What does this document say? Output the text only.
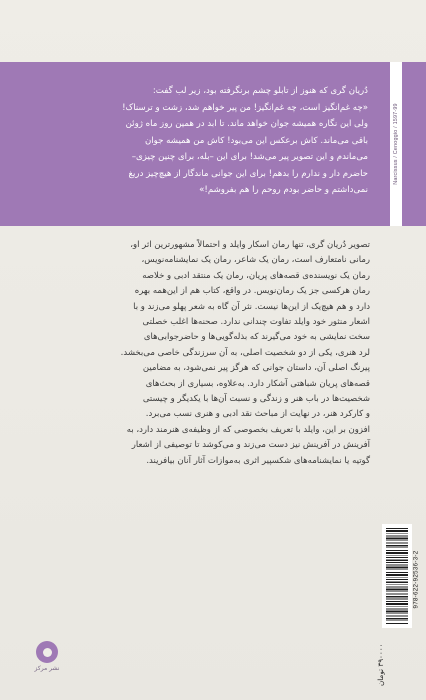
دُریان گری که هنوز از تابلو چشم برنگرفته بود، زیر لب گفت:

«چه غم‌انگیز است، چه غم‌انگیز! من پیر خواهم شد، زشت و ترسناک!

ولی این نگاره همیشه جوان خواهد ماند. تا ابد در همین روز ماه ژوئن

باقی می‌ماند. کاش برعکس این می‌بود! کاش من همیشه جوان

می‌ماندم و این تصویر پیر می‌شد! برای این –بله، برای چنین چیزی–

حاضرم دار و ندارم را بدهم! برای این جوانی ماندگار از هیچ‌چیز دریغ

نمی‌داشتم و حاضر بودم روحم را هم بفروشم!»

Narcissus / Cenoggio / 1597-99

تصویر دُریان گری، تنها رمان اسکار وایلد و احتمالاً مشهورترین اثر او،

رمانی نامتعارف است، رمان یک شاعر، رمان یک نمایشنامه‌نویس،

رمان یک نویسنده‌ی قصه‌های پریان، رمان یک منتقد ادبی و خلاصه

رمان هرکسی جز یک رمان‌نویس. در واقع، کتاب هم از این‌همه بهره

دارد و هم هیچ‌یک از این‌ها نیست. نثر آن گاه به شعر پهلو می‌زند و با

اشعار منثور خود وایلد تفاوت چندانی ندارد. صحنه‌ها اغلب خصلتی

سخت نمایشی به خود می‌گیرند که بذله‌گویی‌ها و حاضرجوابی‌های

لرد هنری، یکی از دو شخصیت اصلی، به آن سرزندگی خاصی می‌بخشد.

پیرنگ اصلی آن، داستان جوانی که هرگز پیر نمی‌شود، به مضامین

قصه‌های پریان شباهتی آشکار دارد. به‌علاوه، بسیاری از بحث‌های

شخصیت‌ها در باب هنر و زندگی و نسبت آن‌ها با یکدیگر و چیستی

و کارکرد هنر، در نهایت از مباحث نقد ادبی و هنری نسب می‌برد.

افزون بر این، وایلد با تعریف بخصوصی که از وظیفه‌ی هنرمند دارد، به

آفرینش در آفرینش نیز دست می‌زند و می‌کوشد تا توصیفی از اشعار

گوتیه یا نمایشنامه‌های شکسپیر اثری به‌موازات آثار آنان بیافریند.

نشر مرکز
978-622-92536-3-2
۳۹۰۰۰۰ تومان
